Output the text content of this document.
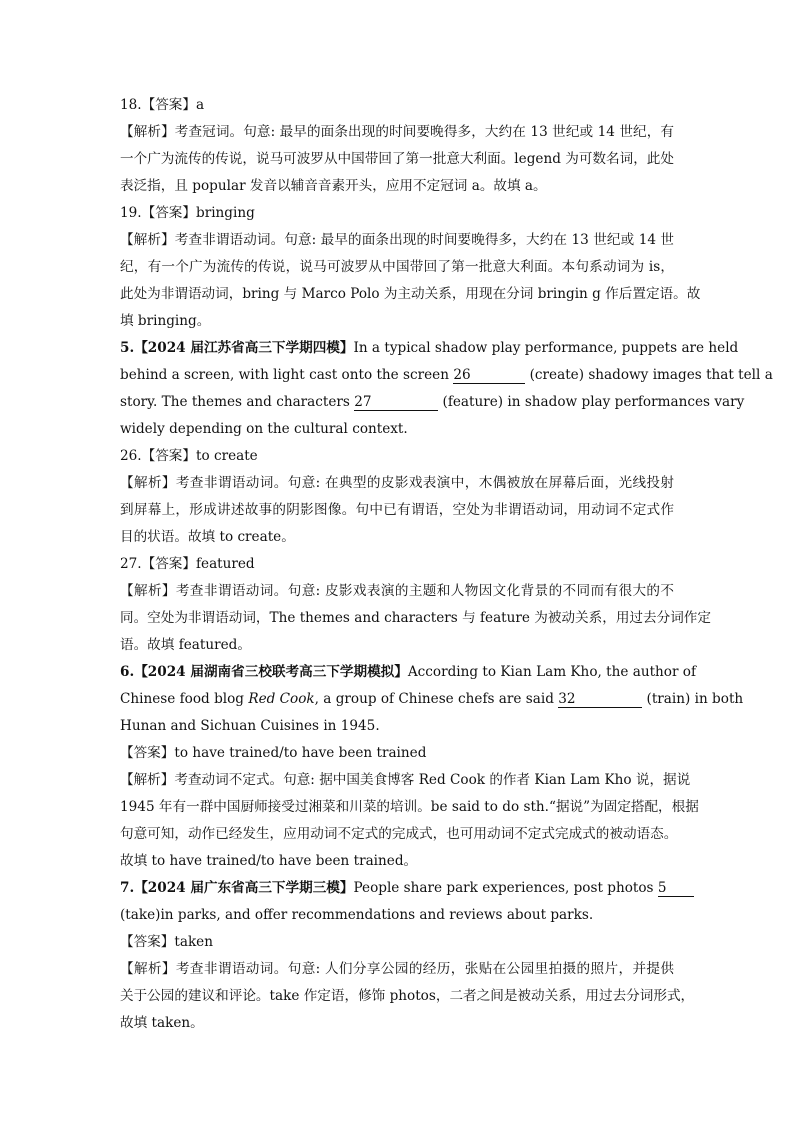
18.【答案】a
【解析】考查冠词。句意: 最早的面条出现的时间要晚得多，大约在 13 世纪或 14 世纪，有
一个广为流传的传说，说马可波罗从中国带回了第一批意大利面。legend 为可数名词，此处
表泛指，且 popular 发音以辅音音素开头，应用不定冠词 a。故填 a。
19.【答案】bringing
【解析】考查非谓语动词。句意: 最早的面条出现的时间要晚得多，大约在 13 世纪或 14 世
纪，有一个广为流传的传说，说马可波罗从中国带回了第一批意大利面。本句系动词为 is，
此处为非谓语动词，bring 与 Marco Polo 为主动关系，用现在分词 bringin g 作后置定语。故
填 bringing。
5.【2024 届江苏省高三下学期四模】In a typical shadow play performance, puppets are held
behind a screen, with light cast onto the screen 26	(create) shadowy images that tell a
story. The themes and characters 27	(feature) in shadow play performances vary
widely depending on the cultural context.
26.【答案】to create
【解析】考查非谓语动词。句意: 在典型的皮影戏表演中，木偶被放在屏幕后面，光线投射
到屏幕上，形成讲述故事的阴影图像。句中已有谓语，空处为非谓语动词，用动词不定式作
目的状语。故填 to create。
27.【答案】featured
【解析】考查非谓语动词。句意: 皮影戏表演的主题和人物因文化背景的不同而有很大的不
同。空处为非谓语动词，The themes and characters 与 feature 为被动关系，用过去分词作定
语。故填 featured。
6.【2024 届湖南省三校联考高三下学期模拟】According to Kian Lam Kho, the author of
Chinese food blog Red Cook, a group of Chinese chefs are said 32	(train) in both
Hunan and Sichuan Cuisines in 1945.
【答案】to have trained/to have been trained
【解析】考查动词不定式。句意: 据中国美食博客 Red Cook 的作者 Kian Lam Kho 说，据说
1945 年有一群中国厨师接受过湘菜和川菜的培训。be said to do sth.“据说”为固定搭配，根据
句意可知，动作已经发生，应用动词不定式的完成式，也可用动词不定式完成式的被动语态。
故填 to have trained/to have been trained。
7.【2024 届广东省高三下学期三模】People share park experiences, post photos 5
(take)in parks, and offer recommendations and reviews about parks.
【答案】taken
【解析】考查非谓语动词。句意: 人们分享公园的经历，张贴在公园里拍摄的照片，并提供
关于公园的建议和评论。take 作定语，修饰 photos，二者之间是被动关系，用过去分词形式，
故填 taken。
